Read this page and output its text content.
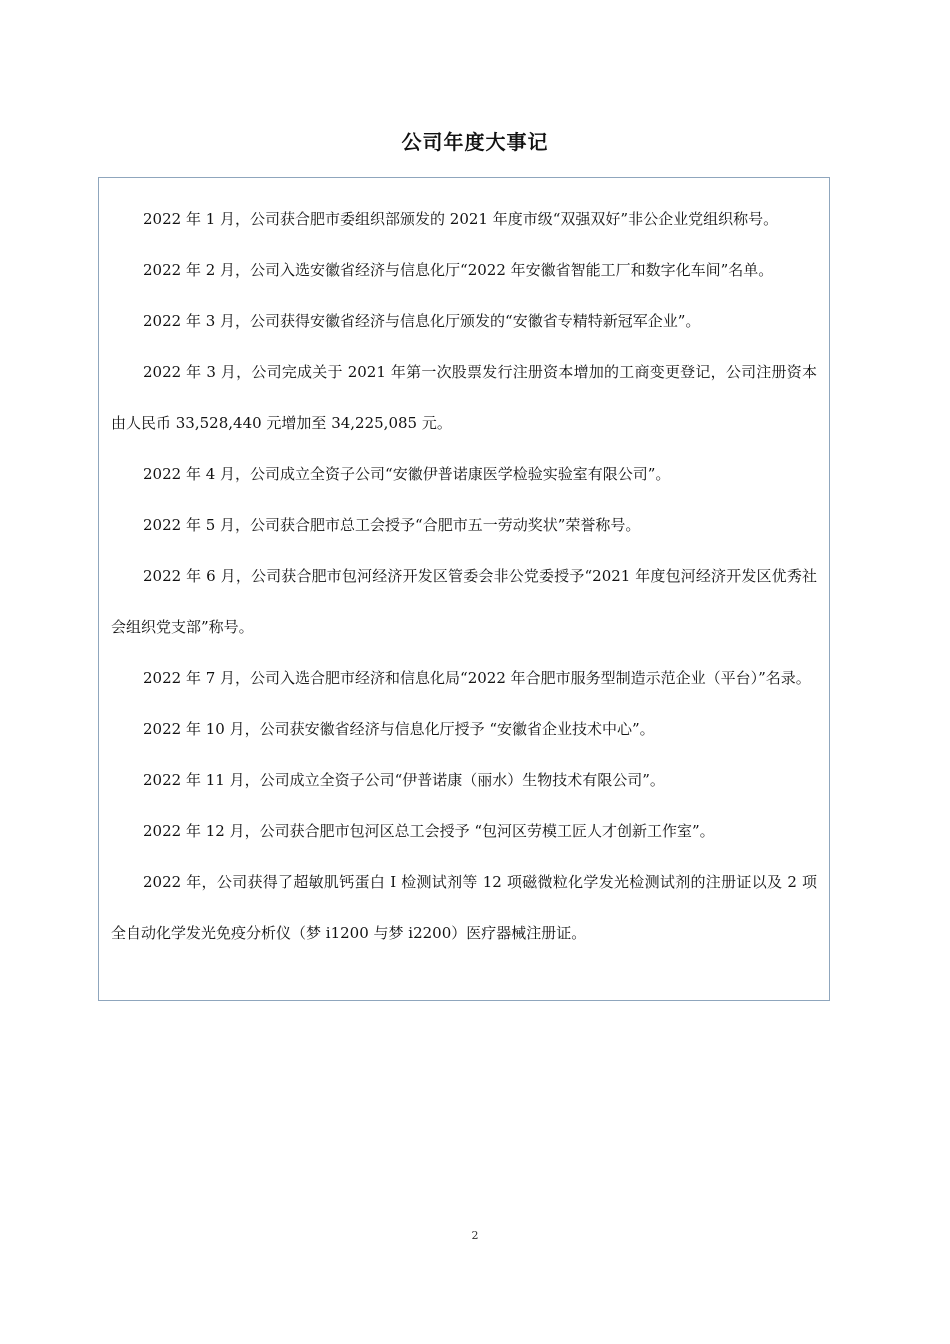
公司年度大事记

2022 年 1 月，公司获合肥市委组织部颁发的 2021 年度市级“双强双好”非公企业党组织称号。

2022 年 2 月，公司入选安徽省经济与信息化厅“2022 年安徽省智能工厂和数字化车间”名单。

2022 年 3 月，公司获得安徽省经济与信息化厅颁发的“安徽省专精特新冠军企业”。

2022 年 3 月，公司完成关于 2021 年第一次股票发行注册资本增加的工商变更登记，公司注册资本由人民币 33,528,440 元增加至 34,225,085 元。

2022 年 4 月，公司成立全资子公司“安徽伊普诺康医学检验实验室有限公司”。

2022 年 5 月，公司获合肥市总工会授予“合肥市五一劳动奖状”荣誉称号。

2022 年 6 月，公司获合肥市包河经济开发区管委会非公党委授予“2021 年度包河经济开发区优秀社会组织党支部”称号。

2022 年 7 月，公司入选合肥市经济和信息化局“2022 年合肥市服务型制造示范企业（平台）”名录。

2022 年 10 月，公司获安徽省经济与信息化厅授予 “安徽省企业技术中心”。

2022 年 11 月，公司成立全资子公司“伊普诺康（丽水）生物技术有限公司”。

2022 年 12 月，公司获合肥市包河区总工会授予 “包河区劳模工匠人才创新工作室”。

2022 年，公司获得了超敏肌钙蛋白 I 检测试剂等 12 项磁微粒化学发光检测试剂的注册证以及 2 项全自动化学发光免疫分析仪（梦 i1200 与梦 i2200）医疗器械注册证。

2
